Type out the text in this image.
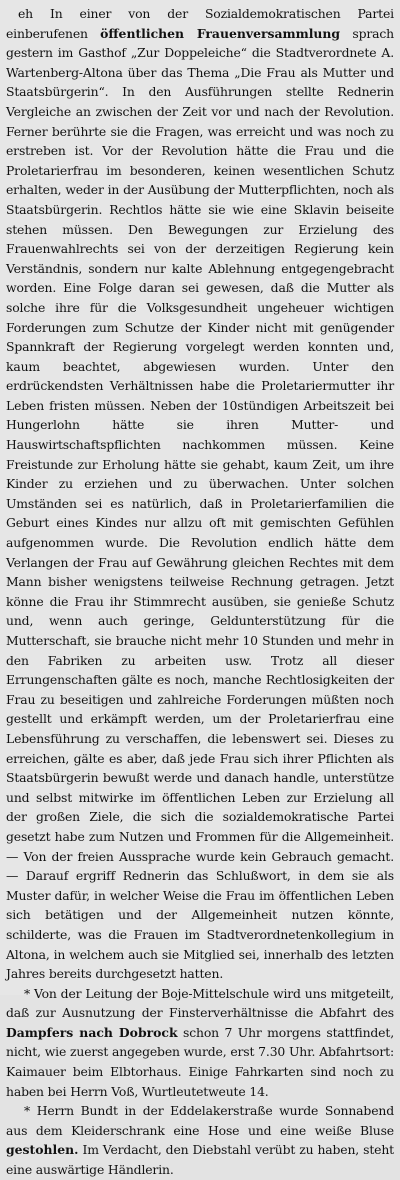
eh In einer von der Sozialdemokratischen Partei einberufenen öffentlichen Frauenversammlung sprach gestern im Gasthof „Zur Doppeleiche“ die Stadtverordnete A. Wartenberg-Altona über das Thema „Die Frau als Mutter und Staatsbürgerin“. In den Ausführungen stellte Rednerin Vergleiche an zwischen der Zeit vor und nach der Revolution. Ferner berührte sie die Fragen, was erreicht und was noch zu erstreben ist. Vor der Revolution hätte die Frau und die Proletarierfrau im besonderen, keinen wesentlichen Schutz erhalten, weder in der Ausübung der Mutterpflichten, noch als Staatsbürgerin. Rechtlos hätte sie wie eine Sklavin beiseite stehen müssen. Den Bewegungen zur Erzielung des Frauenwahlrechts sei von der derzeitigen Regierung kein Verständnis, sondern nur kalte Ablehnung entgegengebracht worden. Eine Folge daran sei gewesen, daß die Mutter als solche ihre für die Volksgesundheit ungeheuer wichtigen Forderungen zum Schutze der Kinder nicht mit genügender Spannkraft der Regierung vorgelegt werden konnten und, kaum beachtet, abgewiesen wurden. Unter den erdrückendsten Verhältnissen habe die Proletariermutter ihr Leben fristen müssen. Neben der 10stündigen Arbeitszeit bei Hungerlohn hätte sie ihren Mutter- und Hauswirtschaftspflichten nachkommen müssen. Keine Freistunde zur Erholung hätte sie gehabt, kaum Zeit, um ihre Kinder zu erziehen und zu überwachen. Unter solchen Umständen sei es natürlich, daß in Proletarierfamilien die Geburt eines Kindes nur allzu oft mit gemischten Gefühlen aufgenommen wurde. Die Revolution endlich hätte dem Verlangen der Frau auf Gewährung gleichen Rechtes mit dem Mann bisher wenigstens teilweise Rechnung getragen. Jetzt könne die Frau ihr Stimmrecht ausüben, sie genieße Schutz und, wenn auch geringe, Geldunterstützung für die Mutterschaft, sie brauche nicht mehr 10 Stunden und mehr in den Fabriken zu arbeiten usw. Trotz all dieser Errungenschaften gälte es noch, manche Rechtlosigkeiten der Frau zu beseitigen und zahlreiche Forderungen müßten noch gestellt und erkämpft werden, um der Proletarierfrau eine Lebensführung zu verschaffen, die lebenswert sei. Dieses zu erreichen, gälte es aber, daß jede Frau sich ihrer Pflichten als Staatsbürgerin bewußt werde und danach handle, unterstütze und selbst mitwirke im öffentlichen Leben zur Erzielung all der großen Ziele, die sich die sozialdemokratische Partei gesetzt habe zum Nutzen und Frommen für die Allgemeinheit. — Von der freien Aussprache wurde kein Gebrauch gemacht. — Darauf ergriff Rednerin das Schlußwort, in dem sie als Muster dafür, in welcher Weise die Frau im öffentlichen Leben sich betätigen und der Allgemeinheit nutzen könnte, schilderte, was die Frauen im Stadtverordnetenkollegium in Altona, in welchem auch sie Mitglied sei, innerhalb des letzten Jahres bereits durchgesetzt hatten.

* Von der Leitung der Boje-Mittelschule wird uns mitgeteilt, daß zur Ausnutzung der Finsterverhältnisse die Abfahrt des Dampfers nach Dobrock schon 7 Uhr morgens stattfindet, nicht, wie zuerst angegeben wurde, erst 7.30 Uhr. Abfahrtsort: Kaimauer beim Elbtorhaus. Einige Fahrkarten sind noch zu haben bei Herrn Voß, Wurtleutetweute 14.

* Herrn Bundt in der Eddelakerstraße wurde Sonnabend aus dem Kleiderschrank eine Hose und eine weiße Bluse gestohlen. Im Verdacht, den Diebstahl verübt zu haben, steht eine auswärtige Händlerin.
